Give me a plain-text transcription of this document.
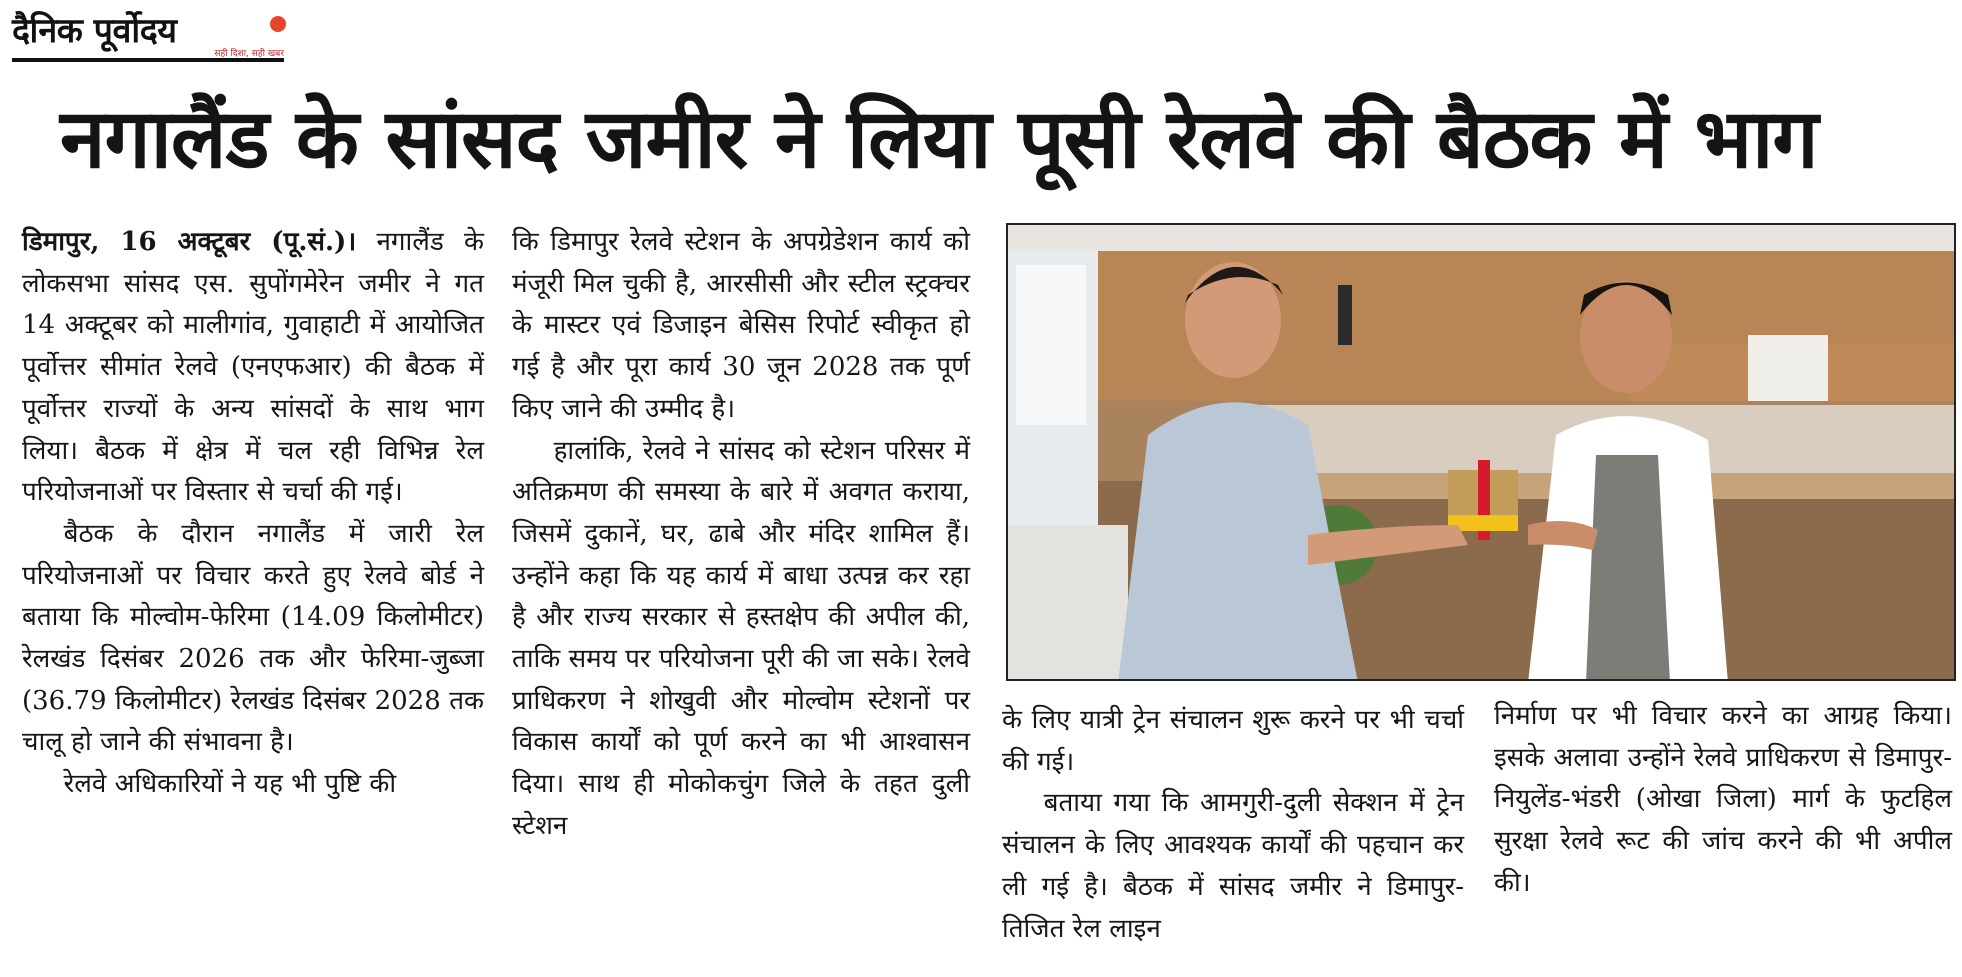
दैनिक पूर्वोदय
सही दिशा, सही खबर
नगालैंड के सांसद जमीर ने लिया पूसी रेलवे की बैठक में भाग

डिमापुर, 16 अक्टूबर (पू.सं.)। नगालैंड के लोकसभा सांसद एस. सुपोंगमेरेन जमीर ने गत 14 अक्टूबर को मालीगांव, गुवाहाटी में आयोजित पूर्वोत्तर सीमांत रेलवे (एनएफआर) की बैठक में पूर्वोत्तर राज्यों के अन्य सांसदों के साथ भाग लिया। बैठक में क्षेत्र में चल रही विभिन्न रेल परियोजनाओं पर विस्तार से चर्चा की गई।

बैठक के दौरान नगालैंड में जारी रेल परियोजनाओं पर विचार करते हुए रेलवे बोर्ड ने बताया कि मोल्वोम-फेरिमा (14.09 किलोमीटर) रेलखंड दिसंबर 2026 तक और फेरिमा-जुब्जा (36.79 किलोमीटर) रेलखंड दिसंबर 2028 तक चालू हो जाने की संभावना है।

रेलवे अधिकारियों ने यह भी पुष्टि की

कि डिमापुर रेलवे स्टेशन के अपग्रेडेशन कार्य को मंजूरी मिल चुकी है, आरसीसी और स्टील स्ट्रक्चर के मास्टर एवं डिजाइन बेसिस रिपोर्ट स्वीकृत हो गई है और पूरा कार्य 30 जून 2028 तक पूर्ण किए जाने की उम्मीद है।

हालांकि, रेलवे ने सांसद को स्टेशन परिसर में अतिक्रमण की समस्या के बारे में अवगत कराया, जिसमें दुकानें, घर, ढाबे और मंदिर शामिल हैं। उन्होंने कहा कि यह कार्य में बाधा उत्पन्न कर रहा है और राज्य सरकार से हस्तक्षेप की अपील की, ताकि समय पर परियोजना पूरी की जा सके। रेलवे प्राधिकरण ने शोखुवी और मोल्वोम स्टेशनों पर विकास कार्यों को पूर्ण करने का भी आश्वासन दिया। साथ ही मोकोकचुंग जिले के तहत दुली स्टेशन

के लिए यात्री ट्रेन संचालन शुरू करने पर भी चर्चा की गई।

बताया गया कि आमगुरी-दुली सेक्शन में ट्रेन संचालन के लिए आवश्यक कार्यों की पहचान कर ली गई है। बैठक में सांसद जमीर ने डिमापुर-तिजित रेल लाइन

निर्माण पर भी विचार करने का आग्रह किया। इसके अलावा उन्होंने रेलवे प्राधिकरण से डिमापुर-नियुलेंड-भंडरी (ओखा जिला) मार्ग के फुटहिल सुरक्षा रेलवे रूट की जांच करने की भी अपील की।
